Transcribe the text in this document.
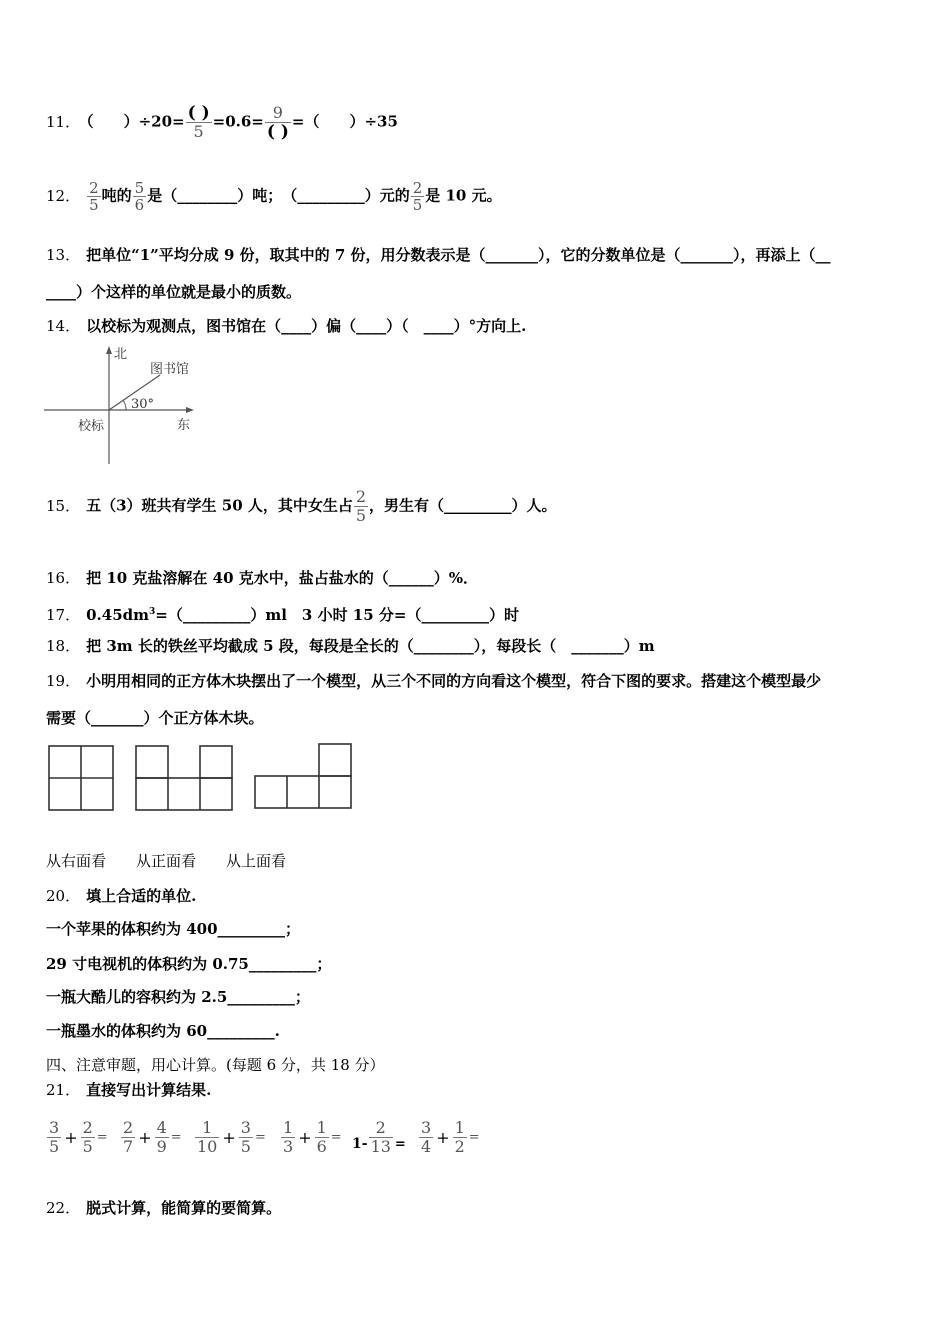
11． （　　）$\div 20= \frac{( )}{5} =0.6= \frac{9}{( )}$ =（　　）÷35
12． $\frac{2}{5}$ 吨的 $\frac{5}{6}$ 是（________）吨；　（_________）元的 $\frac{2}{5}$ 是 10 元。
13． 把单位“1”平均分成 9 份，取其中的 7 份，用分数表示是（_______），它的分数单位是（_______），再添上（__
____）个这样的单位就是最小的质数。
14． 以校标为观测点，图书馆在（____）偏（____）（　____）°方向上.
北
图书馆
30°
校标	东
15． 五（3）班共有学生 50 人，其中女生占 $\frac{2}{5}$ ，男生有（_________）人。
16． 把 10 克盐溶解在 40 克水中，盐占盐水的（______）%．
17． $0.45dm^3=(\_\_\_\_\_\_\_\_\_)ml$　3 小时 15 分=（_________）时
18． 把 3m 长的铁丝平均截成 5 段，每段是全长的（________），每段长（　_______）m
19． 小明用相同的正方体木块摆出了一个模型，从三个不同的方向看这个模型，符合下图的要求。搭建这个模型最少
需要（_______）个正方体木块。
从右面看　　从正面看　　从上面看
20． 填上合适的单位.
一个苹果的体积约为 400_________；
29 寸电视机的体积约为 0.75_________；
一瓶大酷儿的容积约为 2.5_________；
一瓶墨水的体积约为 60_________.
四、注意审题，用心计算。(每题 6 分，共 18 分）
21． 直接写出计算结果.
$\frac{3}{5} + \frac{2}{5} = \frac{2}{7} + \frac{4}{9} = \frac{1}{10} + \frac{3}{5} = \frac{1}{3} + \frac{1}{6} = 1- \frac{2}{13} = \frac{3}{4} + \frac{1}{2}$ =
22． 脱式计算，能简算的要简算。
